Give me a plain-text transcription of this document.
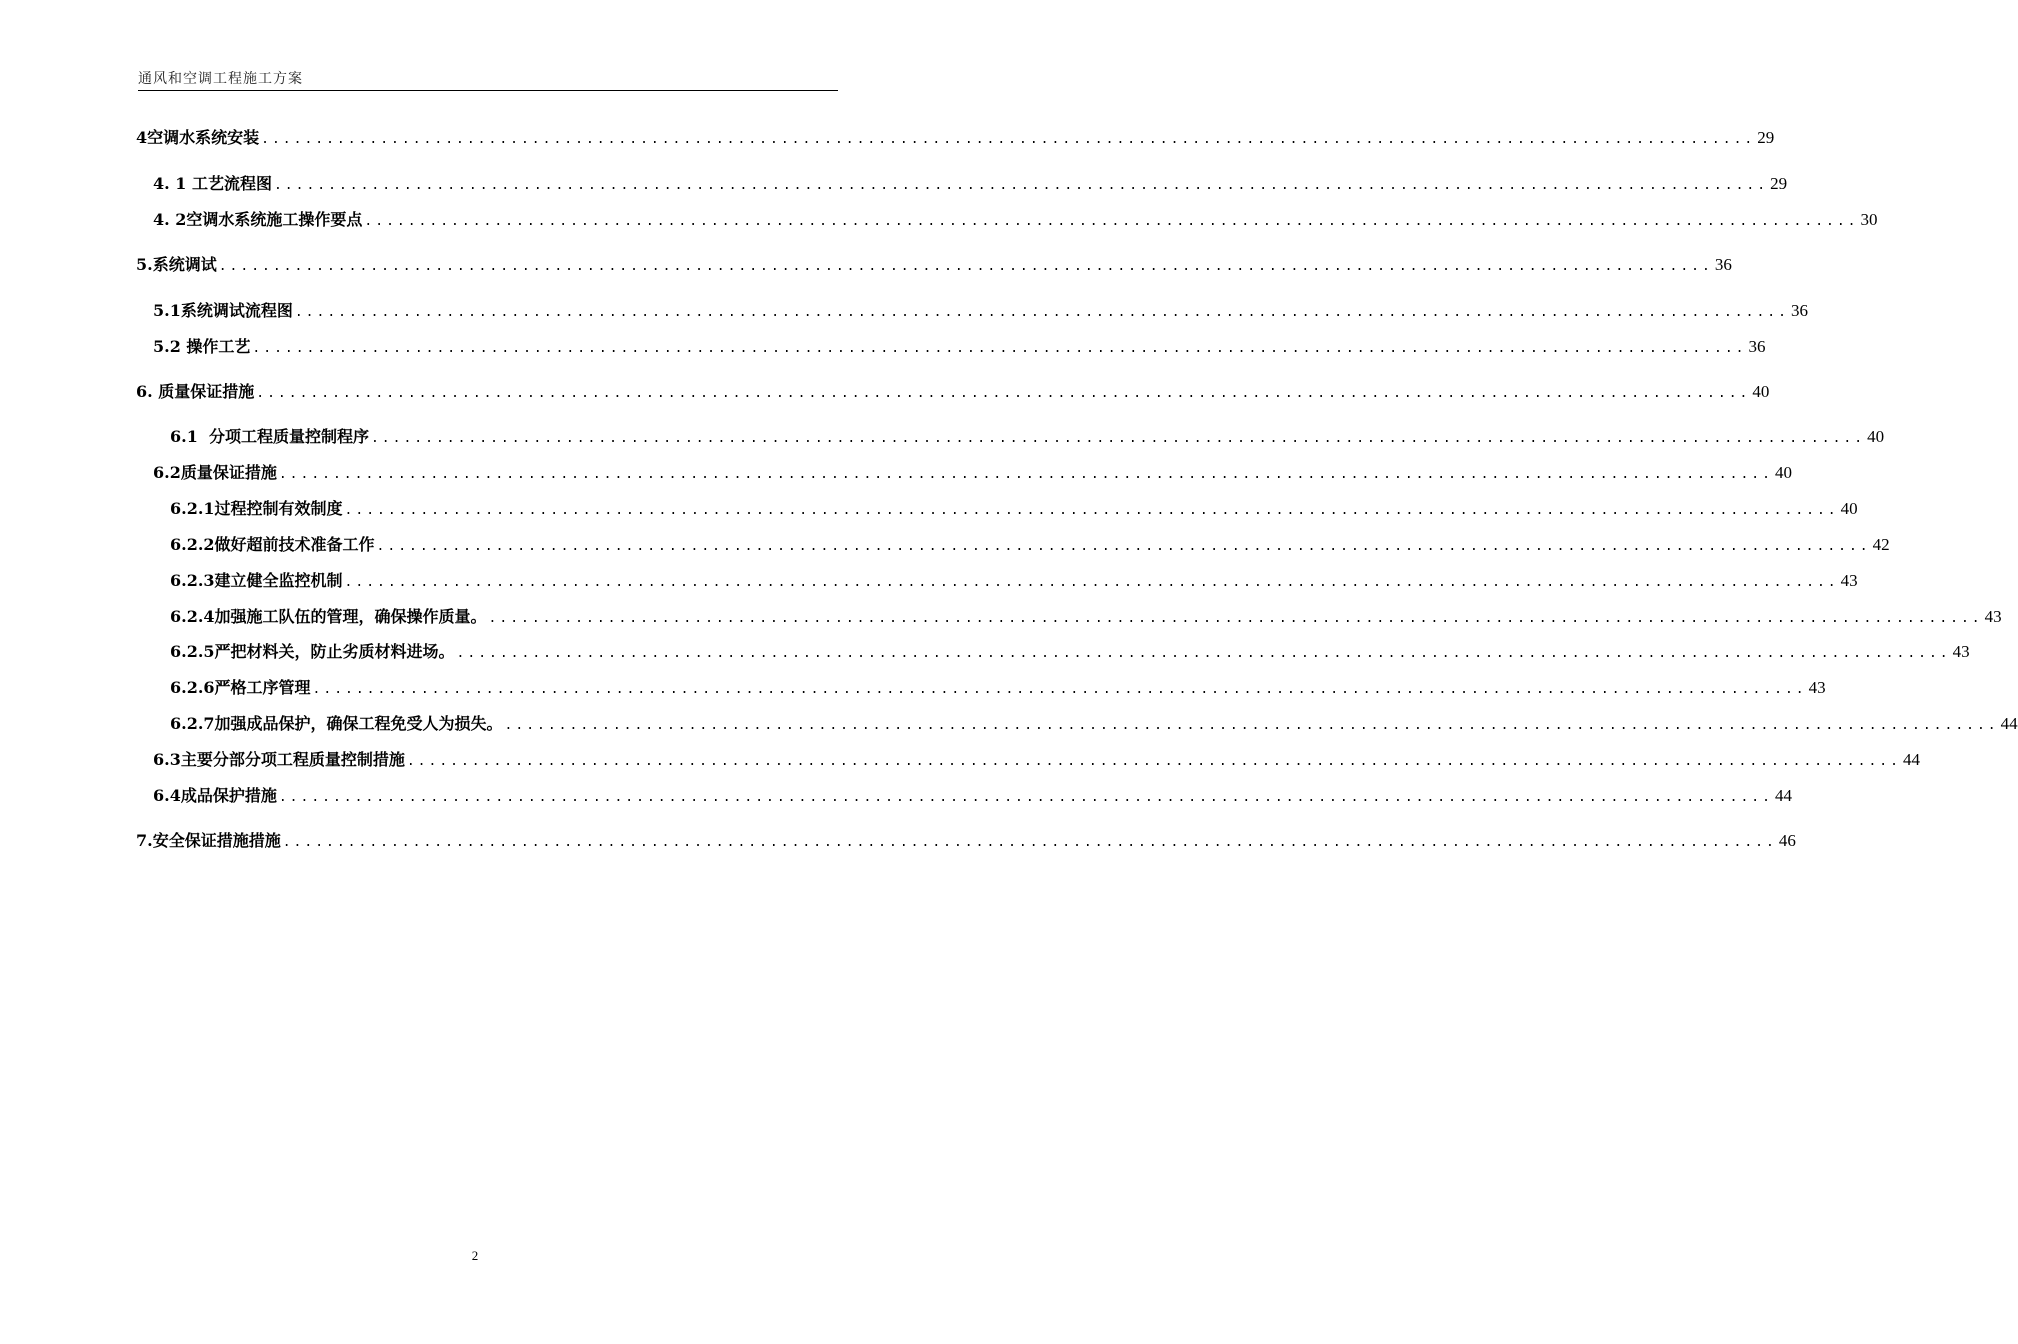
通风和空调工程施工方案
4空调水系统安装 .......................................................................................................................................... 29
4. 1 工艺流程图 .......................................................................................................................................... 29
4. 2空调水系统施工操作要点 .......................................................................................................................................... 30
5.系统调试 .......................................................................................................................................... 36
5.1系统调试流程图 .......................................................................................................................................... 36
5.2 操作工艺 .......................................................................................................................................... 36
6. 质量保证措施 .......................................................................................................................................... 40
6.1  分项工程质量控制程序 .......................................................................................................................................... 40
6.2质量保证措施 .......................................................................................................................................... 40
6.2.1过程控制有效制度 .......................................................................................................................................... 40
6.2.2做好超前技术准备工作 .......................................................................................................................................... 42
6.2.3建立健全监控机制 .......................................................................................................................................... 43
6.2.4加强施工队伍的管理，确保操作质量。 .......................................................................................................................................... 43
6.2.5严把材料关，防止劣质材料进场。 .......................................................................................................................................... 43
6.2.6严格工序管理 .......................................................................................................................................... 43
6.2.7加强成品保护，确保工程免受人为损失。 .......................................................................................................................................... 44
6.3主要分部分项工程质量控制措施 .......................................................................................................................................... 44
6.4成品保护措施 .......................................................................................................................................... 44
7.安全保证措施措施 .......................................................................................................................................... 46
2
